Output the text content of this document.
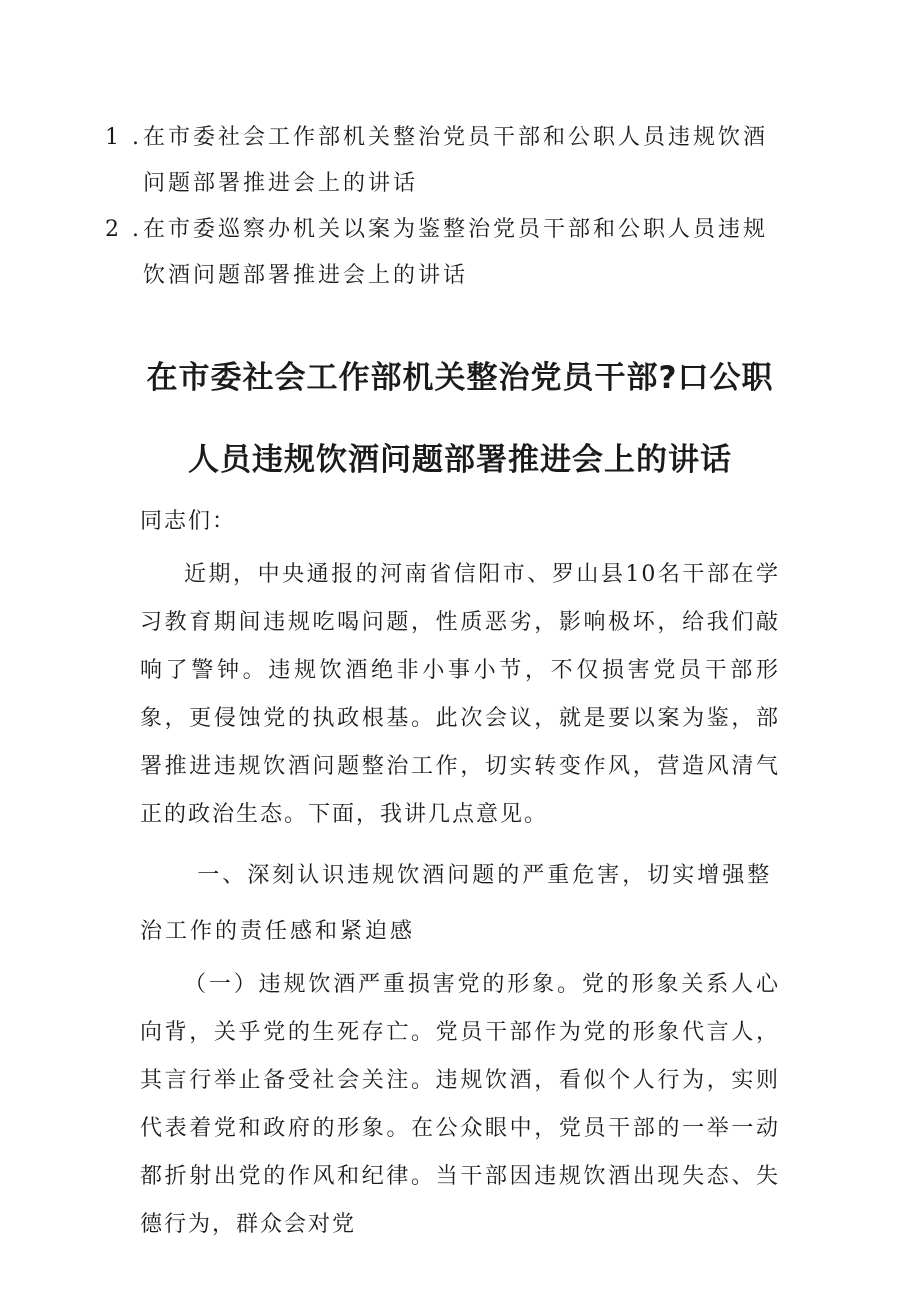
1 . 在市委社会工作部机关整治党员干部和公职人员违规饮酒问题部署推进会上的讲话
2 . 在市委巡察办机关以案为鉴整治党员干部和公职人员违规饮酒问题部署推进会上的讲话
在市委社会工作部机关整治党员干部?口公职
人员违规饮酒问题部署推进会上的讲话
同志们：
近期，中央通报的河南省信阳市、罗山县10名干部在学习教育期间违规吃喝问题，性质恶劣，影响极坏，给我们敲响了警钟。违规饮酒绝非小事小节，不仅损害党员干部形象，更侵蚀党的执政根基。此次会议，就是要以案为鉴，部署推进违规饮酒问题整治工作，切实转变作风，营造风清气正的政治生态。下面，我讲几点意见。
一、深刻认识违规饮酒问题的严重危害，切实增强整治工作的责任感和紧迫感
（一）违规饮酒严重损害党的形象。党的形象关系人心向背，关乎党的生死存亡。党员干部作为党的形象代言人，其言行举止备受社会关注。违规饮酒，看似个人行为，实则代表着党和政府的形象。在公众眼中，党员干部的一举一动都折射出党的作风和纪律。当干部因违规饮酒出现失态、失德行为，群众会对党
